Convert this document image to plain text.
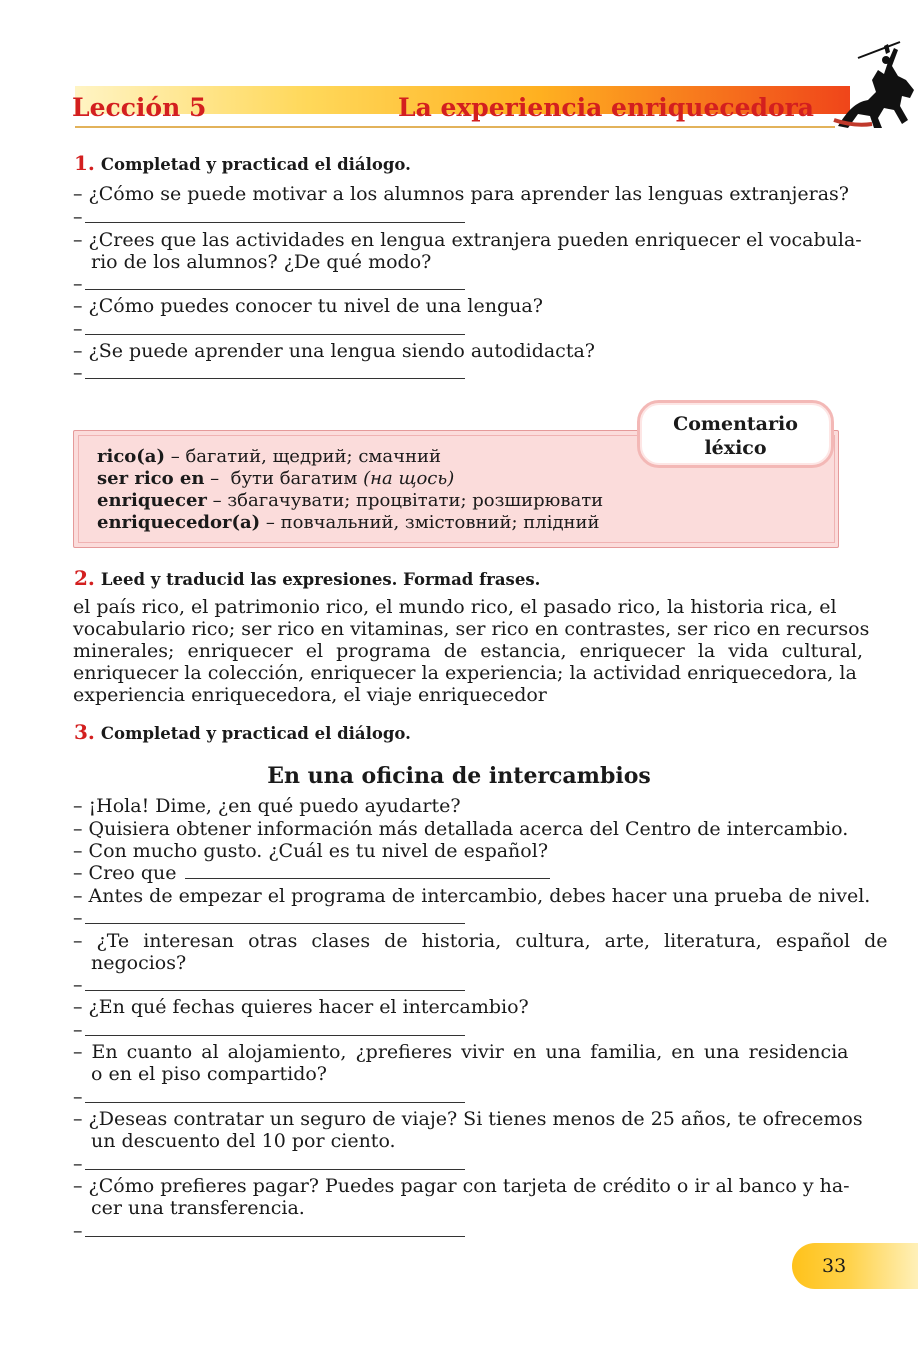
Lección 5	La experiencia enriquecedora
1. Completad y practicad el diálogo.
– ¿Cómo se puede motivar a los alumnos para aprender las lenguas extranjeras?
–
– ¿Crees que las actividades en lengua extranjera pueden enriquecer el vocabula-
rio de los alumnos? ¿De qué modo?
–
– ¿Cómo puedes conocer tu nivel de una lengua?
–
– ¿Se puede aprender una lengua siendo autodidacta?
–
Comentario
léxico
rico(a) – багатий, щедрий; смачний
ser rico en –  бути багатим (на щось)
enriquecer – збагачувати; процвітати; розширювати
enriquecedor(a) – повчальний, змістовний; плідний
2. Leed y traducid las expresiones. Formad frases.
el país rico, el patrimonio rico, el mundo rico, el pasado rico, la historia rica, el
vocabulario rico; ser rico en vitaminas, ser rico en contrastes, ser rico en recursos
minerales; enriquecer el programa de estancia, enriquecer la vida cultural,
enriquecer la colección, enriquecer la experiencia; la actividad enriquecedora, la
experiencia enriquecedora, el viaje enriquecedor
3. Completad y practicad el diálogo.
En una oficina de intercambios
– ¡Hola! Dime, ¿en qué puedo ayudarte?
– Quisiera obtener información más detallada acerca del Centro de intercambio.
– Con mucho gusto. ¿Cuál es tu nivel de español?
– Creo que
– Antes de empezar el programa de intercambio, debes hacer una prueba de nivel.
–
– ¿Te interesan otras clases de historia, cultura, arte, literatura, español de
negocios?
–
– ¿En qué fechas quieres hacer el intercambio?
–
– En cuanto al alojamiento, ¿prefieres vivir en una familia, en una residencia
o en el piso compartido?
–
– ¿Deseas contratar un seguro de viaje? Si tienes menos de 25 años, te ofrecemos
un descuento del 10 por ciento.
–
– ¿Cómo prefieres pagar? Puedes pagar con tarjeta de crédito o ir al banco y ha-
cer una transferencia.
–
33
